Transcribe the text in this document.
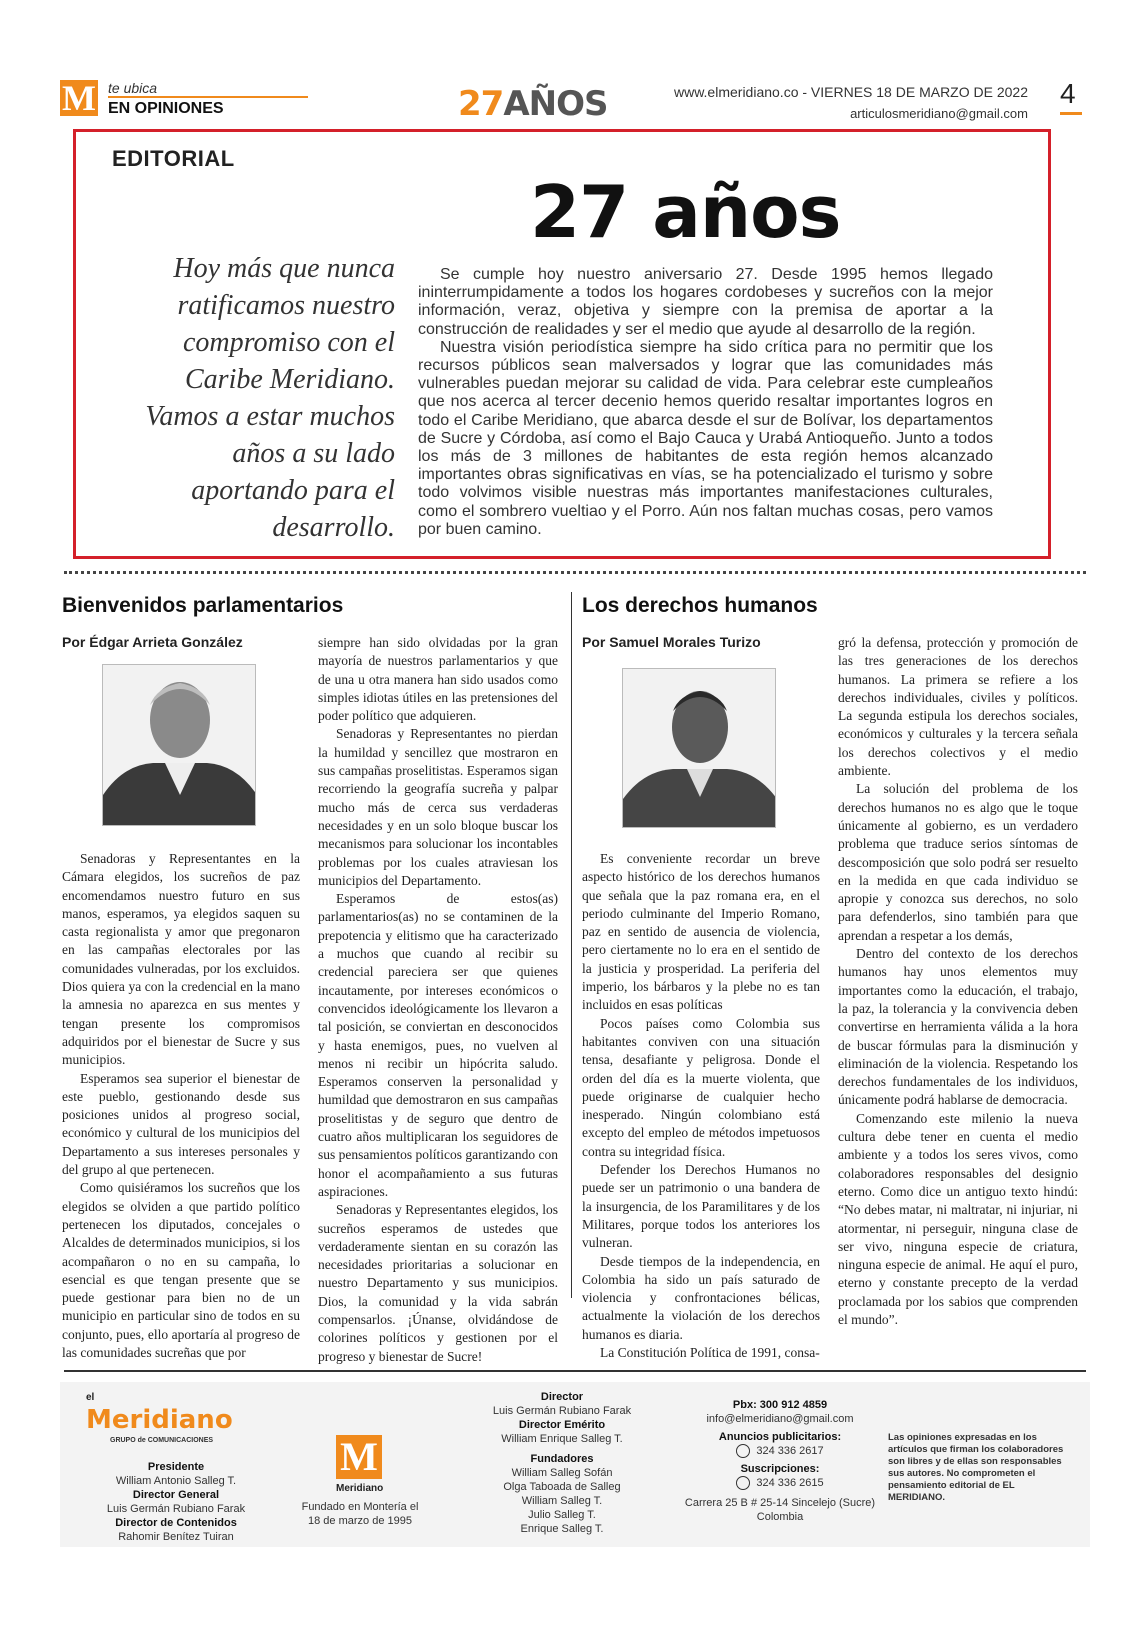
M te ubica
EN OPINIONES	27AÑOS	www.elmeridiano.co - VIERNES 18 DE MARZO DE 2022
articulosmeridiano@gmail.com
4
EDITORIAL
27 años
Hoy más que nunca ratificamos nuestro compromiso con el Caribe Meridiano. Vamos a estar muchos años a su lado aportando para el desarrollo.

Se cumple hoy nuestro aniversario 27. Desde 1995 hemos llegado ininterrumpidamente a todos los hogares cordobeses y sucreños con la mejor información, veraz, objetiva y siempre con la premisa de aportar a la construcción de realidades y ser el medio que ayude al desarrollo de la región.

Nuestra visión periodística siempre ha sido crítica para no permitir que los recursos públicos sean malversados y lograr que las comunidades más vulnerables puedan mejorar su calidad de vida. Para celebrar este cumpleaños que nos acerca al tercer decenio hemos querido resaltar importantes logros en todo el Caribe Meridiano, que abarca desde el sur de Bolívar, los departamentos de Sucre y Córdoba, así como el Bajo Cauca y Urabá Antioqueño. Junto a todos los más de 3 millones de habitantes de esta región hemos alcanzado importantes obras significativas en vías, se ha potencializado el turismo y sobre todo volvimos visible nuestras más importantes manifestaciones culturales, como el sombrero vueltiao y el Porro. Aún nos faltan muchas cosas, pero vamos por buen camino.

Bienvenidos parlamentarios
Por Édgar Arrieta González

Senadoras y Representantes en la Cámara elegidos, los sucreños de paz encomendamos nuestro futuro en sus manos, esperamos, ya elegidos saquen su casta regionalista y amor que pregonaron en las campañas electorales por las comunidades vulneradas, por los excluidos. Dios quiera ya con la credencial en la mano la amnesia no aparezca en sus mentes y tengan presente los compromisos adquiridos por el bienestar de Sucre y sus municipios.

Esperamos sea superior el bienestar de este pueblo, gestionando desde sus posiciones unidos al progreso social, económico y cultural de los municipios del Departamento a sus intereses personales y del grupo al que pertenecen.

Como quisiéramos los sucreños que los elegidos se olviden a que partido político pertenecen los diputados, concejales o Alcaldes de determinados municipios, si los acompañaron o no en su campaña, lo esencial es que tengan presente que se puede gestionar para bien no de un municipio en particular sino de todos en su conjunto, pues, ello aportaría al progreso de las comunidades sucreñas que por

siempre han sido olvidadas por la gran mayoría de nuestros parlamentarios y que de una u otra manera han sido usados como simples idiotas útiles en las pretensiones del poder político que adquieren.

Senadoras y Representantes no pierdan la humildad y sencillez que mostraron en sus campañas proselitistas. Esperamos sigan recorriendo la geografía sucreña y palpar mucho más de cerca sus verdaderas necesidades y en un solo bloque buscar los mecanismos para solucionar los incontables problemas por los cuales atraviesan los municipios del Departamento.

Esperamos de estos(as) parlamentarios(as) no se contaminen de la prepotencia y elitismo que ha caracterizado a muchos que cuando al recibir su credencial pareciera ser que quienes incautamente, por intereses económicos o convencidos ideológicamente los llevaron a tal posición, se conviertan en desconocidos y hasta enemigos, pues, no vuelven al menos ni recibir un hipócrita saludo. Esperamos conserven la personalidad y humildad que demostraron en sus campañas proselitistas y de seguro que dentro de cuatro años multiplicaran los seguidores de sus pensamientos políticos garantizando con honor el acompañamiento a sus futuras aspiraciones.

Senadoras y Representantes elegidos, los sucreños esperamos de ustedes que verdaderamente sientan en su corazón las necesidades prioritarias a solucionar en nuestro Departamento y sus municipios. Dios, la comunidad y la vida sabrán compensarlos. ¡Únanse, olvidándose de colorines políticos y gestionen por el progreso y bienestar de Sucre!

Los derechos humanos
Por Samuel Morales Turizo

Es conveniente recordar un breve aspecto histórico de los derechos humanos que señala que la paz romana era, en el periodo culminante del Imperio Romano, paz en sentido de ausencia de violencia, pero ciertamente no lo era en el sentido de la justicia y prosperidad. La periferia del imperio, los bárbaros y la plebe no es tan incluidos en esas políticas

Pocos países como Colombia sus habitantes conviven con una situación tensa, desafiante y peligrosa. Donde el orden del día es la muerte violenta, que puede originarse de cualquier hecho inesperado. Ningún colombiano está excepto del empleo de métodos impetuosos contra su integridad física.

Defender los Derechos Humanos no puede ser un patrimonio o una bandera de la insurgencia, de los Paramilitares y de los Militares, porque todos los anteriores los vulneran.

Desde tiempos de la independencia, en Colombia ha sido un país saturado de violencia y confrontaciones bélicas, actualmente la violación de los derechos humanos es diaria.

La Constitución Política de 1991, consa-

gró la defensa, protección y promoción de las tres generaciones de los derechos humanos. La primera se refiere a los derechos individuales, civiles y políticos. La segunda estipula los derechos sociales, económicos y culturales y la tercera señala los derechos colectivos y el medio ambiente.

La solución del problema de los derechos humanos no es algo que le toque únicamente al gobierno, es un verdadero problema que traduce serios síntomas de descomposición que solo podrá ser resuelto en la medida en que cada individuo se apropie y conozca sus derechos, no solo para defenderlos, sino también para que aprendan a respetar a los demás,

Dentro del contexto de los derechos humanos hay unos elementos muy importantes como la educación, el trabajo, la paz, la tolerancia y la convivencia deben convertirse en herramienta válida a la hora de buscar fórmulas para la disminución y eliminación de la violencia. Respetando los derechos fundamentales de los individuos, únicamente podrá hablarse de democracia.

Comenzando este milenio la nueva cultura debe tener en cuenta el medio ambiente y a todos los seres vivos, como colaboradores responsables del designio eterno. Como dice un antiguo texto hindú: “No debes matar, ni maltratar, ni injuriar, ni atormentar, ni perseguir, ninguna clase de ser vivo, ninguna especie de criatura, ninguna especie de animal. He aquí el puro, eterno y constante precepto de la verdad proclamada por los sabios que comprenden el mundo”.

el
Meridiano
GRUPO de COMUNICACIONES
Presidente
William Antonio Salleg T.
Director General
Luis Germán Rubiano Farak
Director de Contenidos
Rahomir Benítez Tuiran
M
Meridiano
Fundado en Montería el 18 de marzo de 1995
Director
Luis Germán Rubiano Farak
Director Emérito
William Enrique Salleg T.
Fundadores
William Salleg Sofán
Olga Taboada de Salleg
William Salleg T.
Julio Salleg T.
Enrique Salleg T.
Pbx: 300 912 4859
info@elmeridiano@gmail.com
Anuncios publicitarios:
324 336 2617
Suscripciones:
324 336 2615
Carrera 25 B # 25-14 Sincelejo (Sucre) Colombia
Las opiniones expresadas en los artículos que firman los colaboradores son libres y de ellas son responsables sus autores. No comprometen el pensamiento editorial de EL MERIDIANO.
